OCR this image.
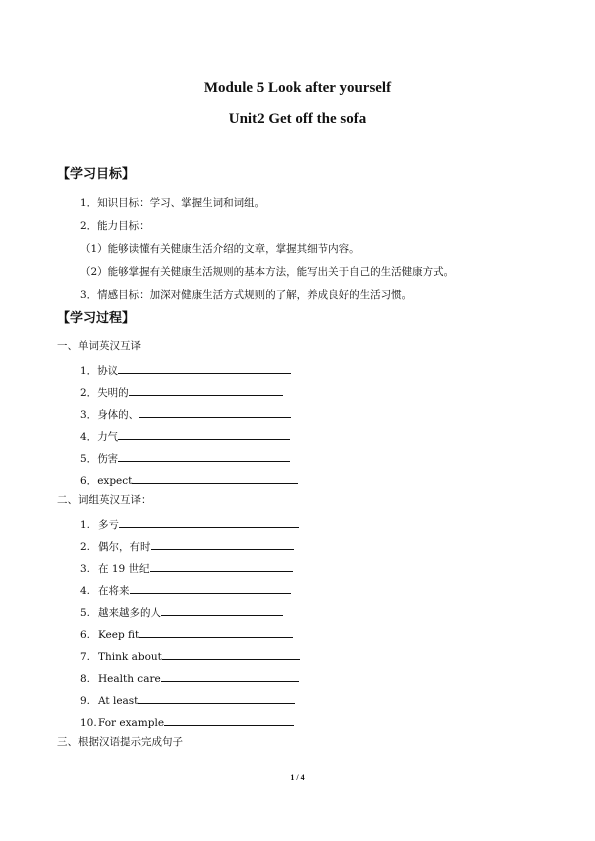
Module 5 Look after yourself
Unit2 Get off the sofa
【学习目标】
1．知识目标：学习、掌握生词和词组。
2．能力目标：
（1）能够读懂有关健康生活介绍的文章，掌握其细节内容。
（2）能够掌握有关健康生活规则的基本方法，能写出关于自己的生活健康方式。
3．情感目标：加深对健康生活方式规则的了解，养成良好的生活习惯。
【学习过程】
一、单词英汉互译
1．协议
2．失明的
3．身体的、
4．力气
5．伤害
6．expect
二、词组英汉互译：
1. 多亏
2. 偶尔，有时
3. 在 19 世纪
4. 在将来
5. 越来越多的人
6. Keep fit
7. Think about
8. Health care
9. At least
10.For example
三、根据汉语提示完成句子
1 / 4
